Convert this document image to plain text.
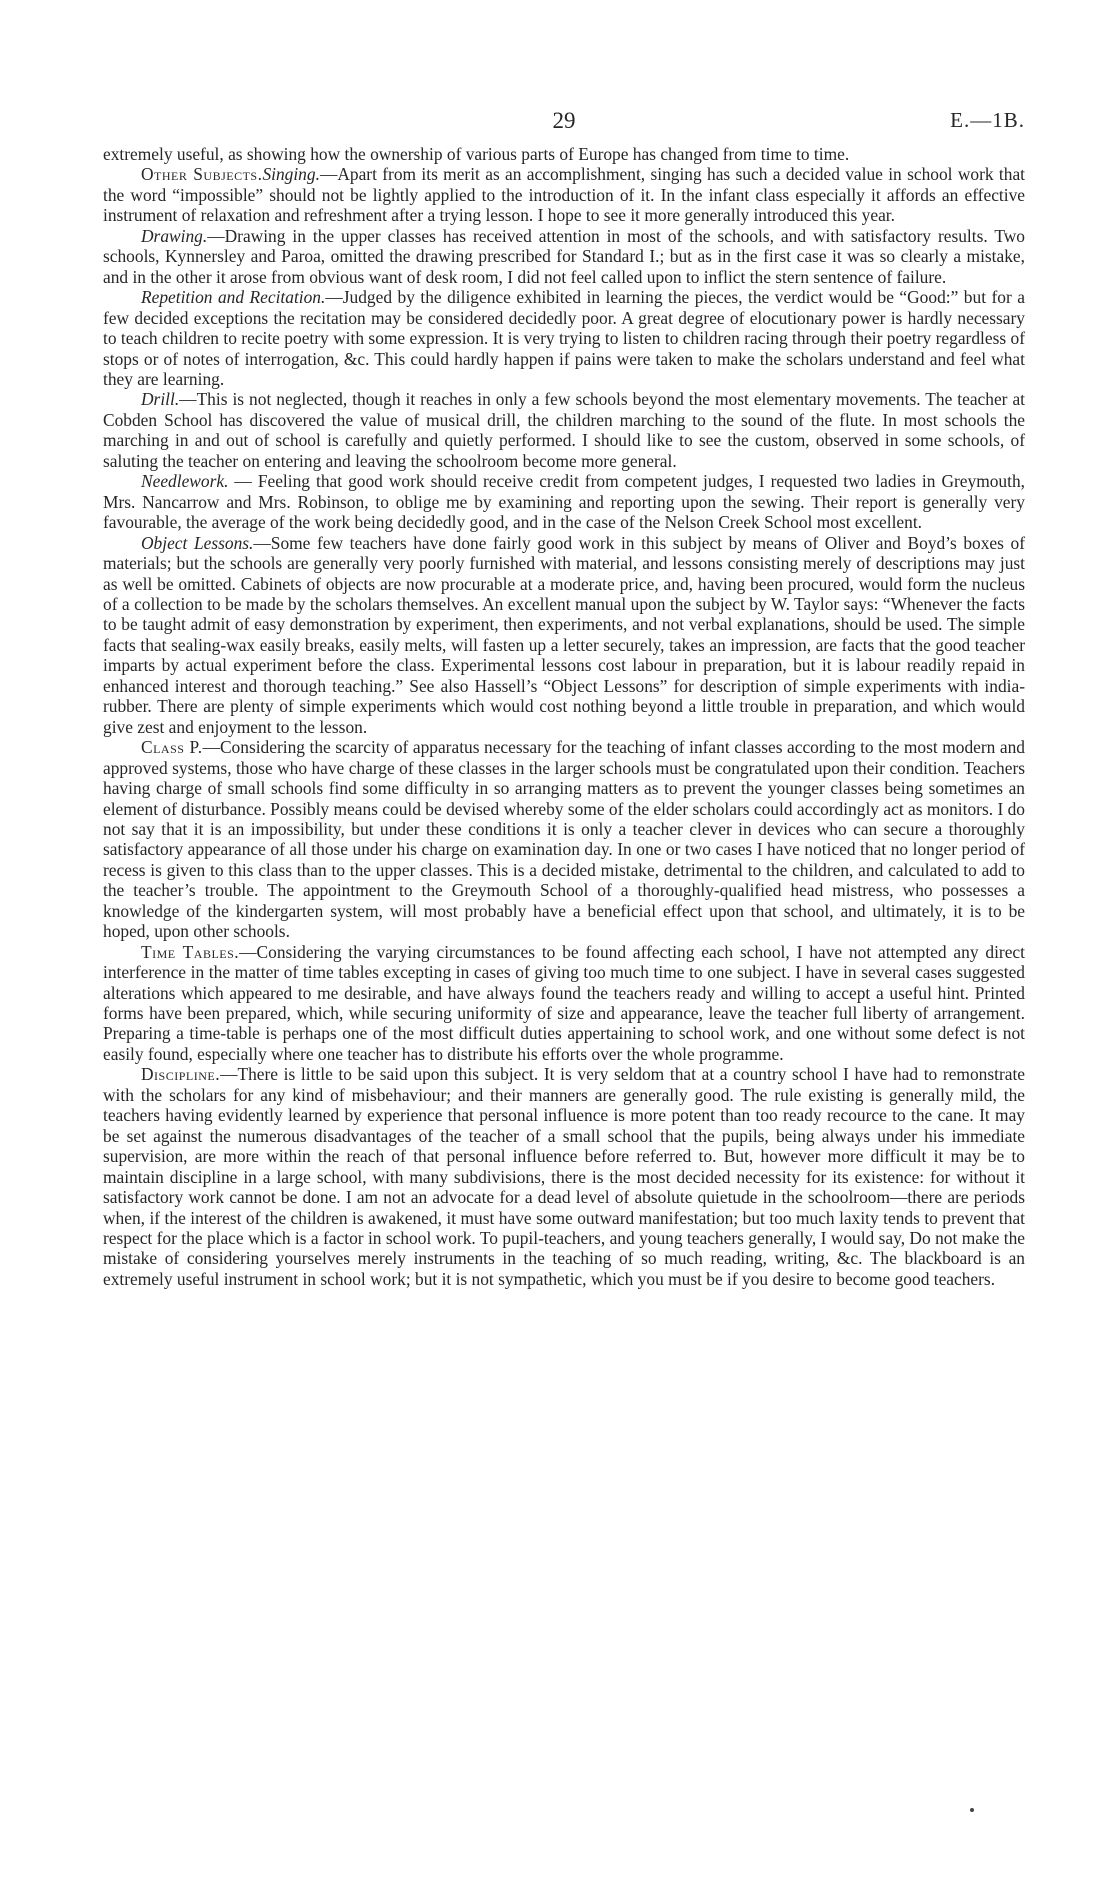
29	E.—1B.

extremely useful, as showing how the ownership of various parts of Europe has changed from time to time.

Other Subjects.Singing.—Apart from its merit as an accomplishment, singing has such a decided value in school work that the word “impossible” should not be lightly applied to the introduction of it. In the infant class especially it affords an effective instrument of relaxation and refreshment after a trying lesson. I hope to see it more generally introduced this year.

Drawing.—Drawing in the upper classes has received attention in most of the schools, and with satisfactory results. Two schools, Kynnersley and Paroa, omitted the drawing prescribed for Standard I.; but as in the first case it was so clearly a mistake, and in the other it arose from obvious want of desk room, I did not feel called upon to inflict the stern sentence of failure.

Repetition and Recitation.—Judged by the diligence exhibited in learning the pieces, the verdict would be “Good:” but for a few decided exceptions the recitation may be considered decidedly poor. A great degree of elocutionary power is hardly necessary to teach children to recite poetry with some expression. It is very trying to listen to children racing through their poetry regardless of stops or of notes of interrogation, &c. This could hardly happen if pains were taken to make the scholars understand and feel what they are learning.

Drill.—This is not neglected, though it reaches in only a few schools beyond the most elementary movements. The teacher at Cobden School has discovered the value of musical drill, the children marching to the sound of the flute. In most schools the marching in and out of school is carefully and quietly performed. I should like to see the custom, observed in some schools, of saluting the teacher on entering and leaving the schoolroom become more general.

Needlework. — Feeling that good work should receive credit from competent judges, I requested two ladies in Greymouth, Mrs. Nancarrow and Mrs. Robinson, to oblige me by examining and reporting upon the sewing. Their report is generally very favourable, the average of the work being decidedly good, and in the case of the Nelson Creek School most excellent.

Object Lessons.—Some few teachers have done fairly good work in this subject by means of Oliver and Boyd’s boxes of materials; but the schools are generally very poorly furnished with material, and lessons consisting merely of descriptions may just as well be omitted. Cabinets of objects are now procurable at a moderate price, and, having been procured, would form the nucleus of a collection to be made by the scholars themselves. An excellent manual upon the subject by W. Taylor says: “Whenever the facts to be taught admit of easy demonstration by experiment, then experiments, and not verbal explanations, should be used. The simple facts that sealing-wax easily breaks, easily melts, will fasten up a letter securely, takes an impression, are facts that the good teacher imparts by actual experiment before the class. Experimental lessons cost labour in preparation, but it is labour readily repaid in enhanced interest and thorough teaching.” See also Hassell’s “Object Lessons” for description of simple experiments with india-rubber. There are plenty of simple experiments which would cost nothing beyond a little trouble in preparation, and which would give zest and enjoyment to the lesson.

Class P.—Considering the scarcity of apparatus necessary for the teaching of infant classes according to the most modern and approved systems, those who have charge of these classes in the larger schools must be congratulated upon their condition. Teachers having charge of small schools find some difficulty in so arranging matters as to prevent the younger classes being sometimes an element of disturbance. Possibly means could be devised whereby some of the elder scholars could accordingly act as monitors. I do not say that it is an impossibility, but under these conditions it is only a teacher clever in devices who can secure a thoroughly satisfactory appearance of all those under his charge on examination day. In one or two cases I have noticed that no longer period of recess is given to this class than to the upper classes. This is a decided mistake, detrimental to the children, and calculated to add to the teacher’s trouble. The appointment to the Greymouth School of a thoroughly-qualified head mistress, who possesses a knowledge of the kindergarten system, will most probably have a beneficial effect upon that school, and ultimately, it is to be hoped, upon other schools.

Time Tables.—Considering the varying circumstances to be found affecting each school, I have not attempted any direct interference in the matter of time tables excepting in cases of giving too much time to one subject. I have in several cases suggested alterations which appeared to me desirable, and have always found the teachers ready and willing to accept a useful hint. Printed forms have been prepared, which, while securing uniformity of size and appearance, leave the teacher full liberty of arrangement. Preparing a time-table is perhaps one of the most difficult duties appertaining to school work, and one without some defect is not easily found, especially where one teacher has to distribute his efforts over the whole programme.

Discipline.—There is little to be said upon this subject. It is very seldom that at a country school I have had to remonstrate with the scholars for any kind of misbehaviour; and their manners are generally good. The rule existing is generally mild, the teachers having evidently learned by experience that personal influence is more potent than too ready recource to the cane. It may be set against the numerous disadvantages of the teacher of a small school that the pupils, being always under his immediate supervision, are more within the reach of that personal influence before referred to. But, however more difficult it may be to maintain discipline in a large school, with many subdivisions, there is the most decided necessity for its existence: for without it satisfactory work cannot be done. I am not an advocate for a dead level of absolute quietude in the schoolroom—there are periods when, if the interest of the children is awakened, it must have some outward manifestation; but too much laxity tends to prevent that respect for the place which is a factor in school work. To pupil-teachers, and young teachers generally, I would say, Do not make the mistake of considering yourselves merely instruments in the teaching of so much reading, writing, &c. The blackboard is an extremely useful instrument in school work; but it is not sympathetic, which you must be if you desire to become good teachers.
